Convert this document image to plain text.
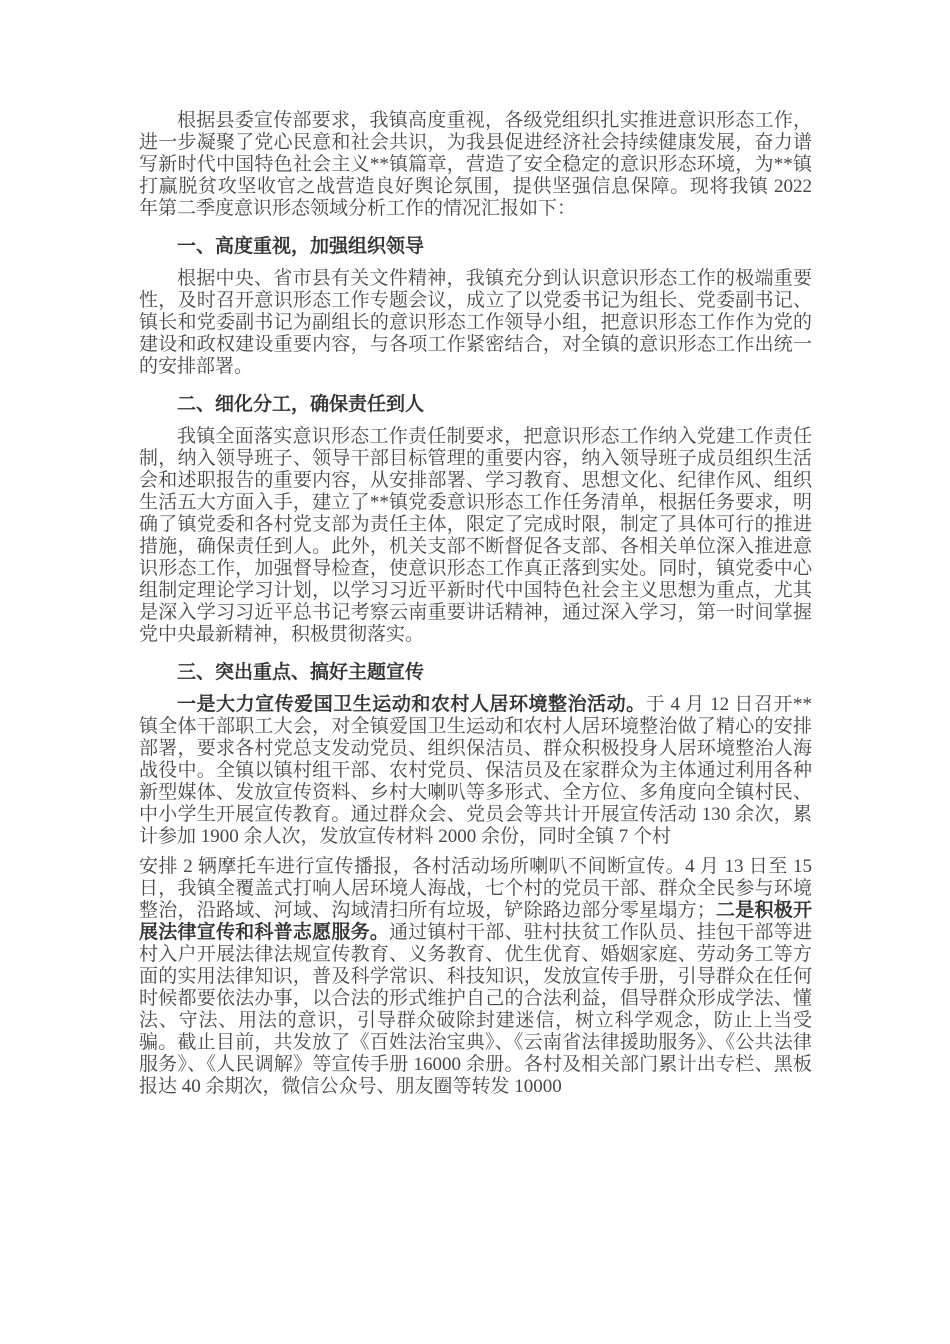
根据县委宣传部要求，我镇高度重视，各级党组织扎实推进意识形态工作，进一步凝聚了党心民意和社会共识，为我县促进经济社会持续健康发展，奋力谱写新时代中国特色社会主义**镇篇章，营造了安全稳定的意识形态环境，为**镇打赢脱贫攻坚收官之战营造良好舆论氛围，提供坚强信息保障。现将我镇 2022 年第二季度意识形态领域分析工作的情况汇报如下：

一、高度重视，加强组织领导

根据中央、省市县有关文件精神，我镇充分到认识意识形态工作的极端重要性，及时召开意识形态工作专题会议，成立了以党委书记为组长、党委副书记、镇长和党委副书记为副组长的意识形态工作领导小组，把意识形态工作作为党的建设和政权建设重要内容，与各项工作紧密结合，对全镇的意识形态工作出统一的安排部署。

二、细化分工，确保责任到人

我镇全面落实意识形态工作责任制要求，把意识形态工作纳入党建工作责任制，纳入领导班子、领导干部目标管理的重要内容，纳入领导班子成员组织生活会和述职报告的重要内容，从安排部署、学习教育、思想文化、纪律作风、组织生活五大方面入手，建立了**镇党委意识形态工作任务清单，根据任务要求，明确了镇党委和各村党支部为责任主体，限定了完成时限，制定了具体可行的推进措施，确保责任到人。此外，机关支部不断督促各支部、各相关单位深入推进意识形态工作，加强督导检查，使意识形态工作真正落到实处。同时，镇党委中心组制定理论学习计划，以学习习近平新时代中国特色社会主义思想为重点，尤其是深入学习习近平总书记考察云南重要讲话精神，通过深入学习，第一时间掌握党中央最新精神，积极贯彻落实。

三、突出重点、搞好主题宣传

一是大力宣传爱国卫生运动和农村人居环境整治活动。于 4 月 12 日召开**镇全体干部职工大会，对全镇爱国卫生运动和农村人居环境整治做了精心的安排部署，要求各村党总支发动党员、组织保洁员、群众积极投身人居环境整治人海战役中。全镇以镇村组干部、农村党员、保洁员及在家群众为主体通过利用各种新型媒体、发放宣传资料、乡村大喇叭等多形式、全方位、多角度向全镇村民、中小学生开展宣传教育。通过群众会、党员会等共计开展宣传活动 130 余次，累计参加 1900 余人次，发放宣传材料 2000 余份，同时全镇 7 个村

安排 2 辆摩托车进行宣传播报，各村活动场所喇叭不间断宣传。4 月 13 日至 15 日，我镇全覆盖式打响人居环境人海战，七个村的党员干部、群众全民参与环境整治，沿路域、河域、沟域清扫所有垃圾，铲除路边部分零星塌方；二是积极开展法律宣传和科普志愿服务。通过镇村干部、驻村扶贫工作队员、挂包干部等进村入户开展法律法规宣传教育、义务教育、优生优育、婚姻家庭、劳动务工等方面的实用法律知识，普及科学常识、科技知识，发放宣传手册，引导群众在任何时候都要依法办事，以合法的形式维护自己的合法利益，倡导群众形成学法、懂法、守法、用法的意识，引导群众破除封建迷信，树立科学观念，防止上当受骗。截止目前，共发放了《百姓法治宝典》、《云南省法律援助服务》、《公共法律服务》、《人民调解》等宣传手册 16000 余册。各村及相关部门累计出专栏、黑板报达 40 余期次，微信公众号、朋友圈等转发 10000
